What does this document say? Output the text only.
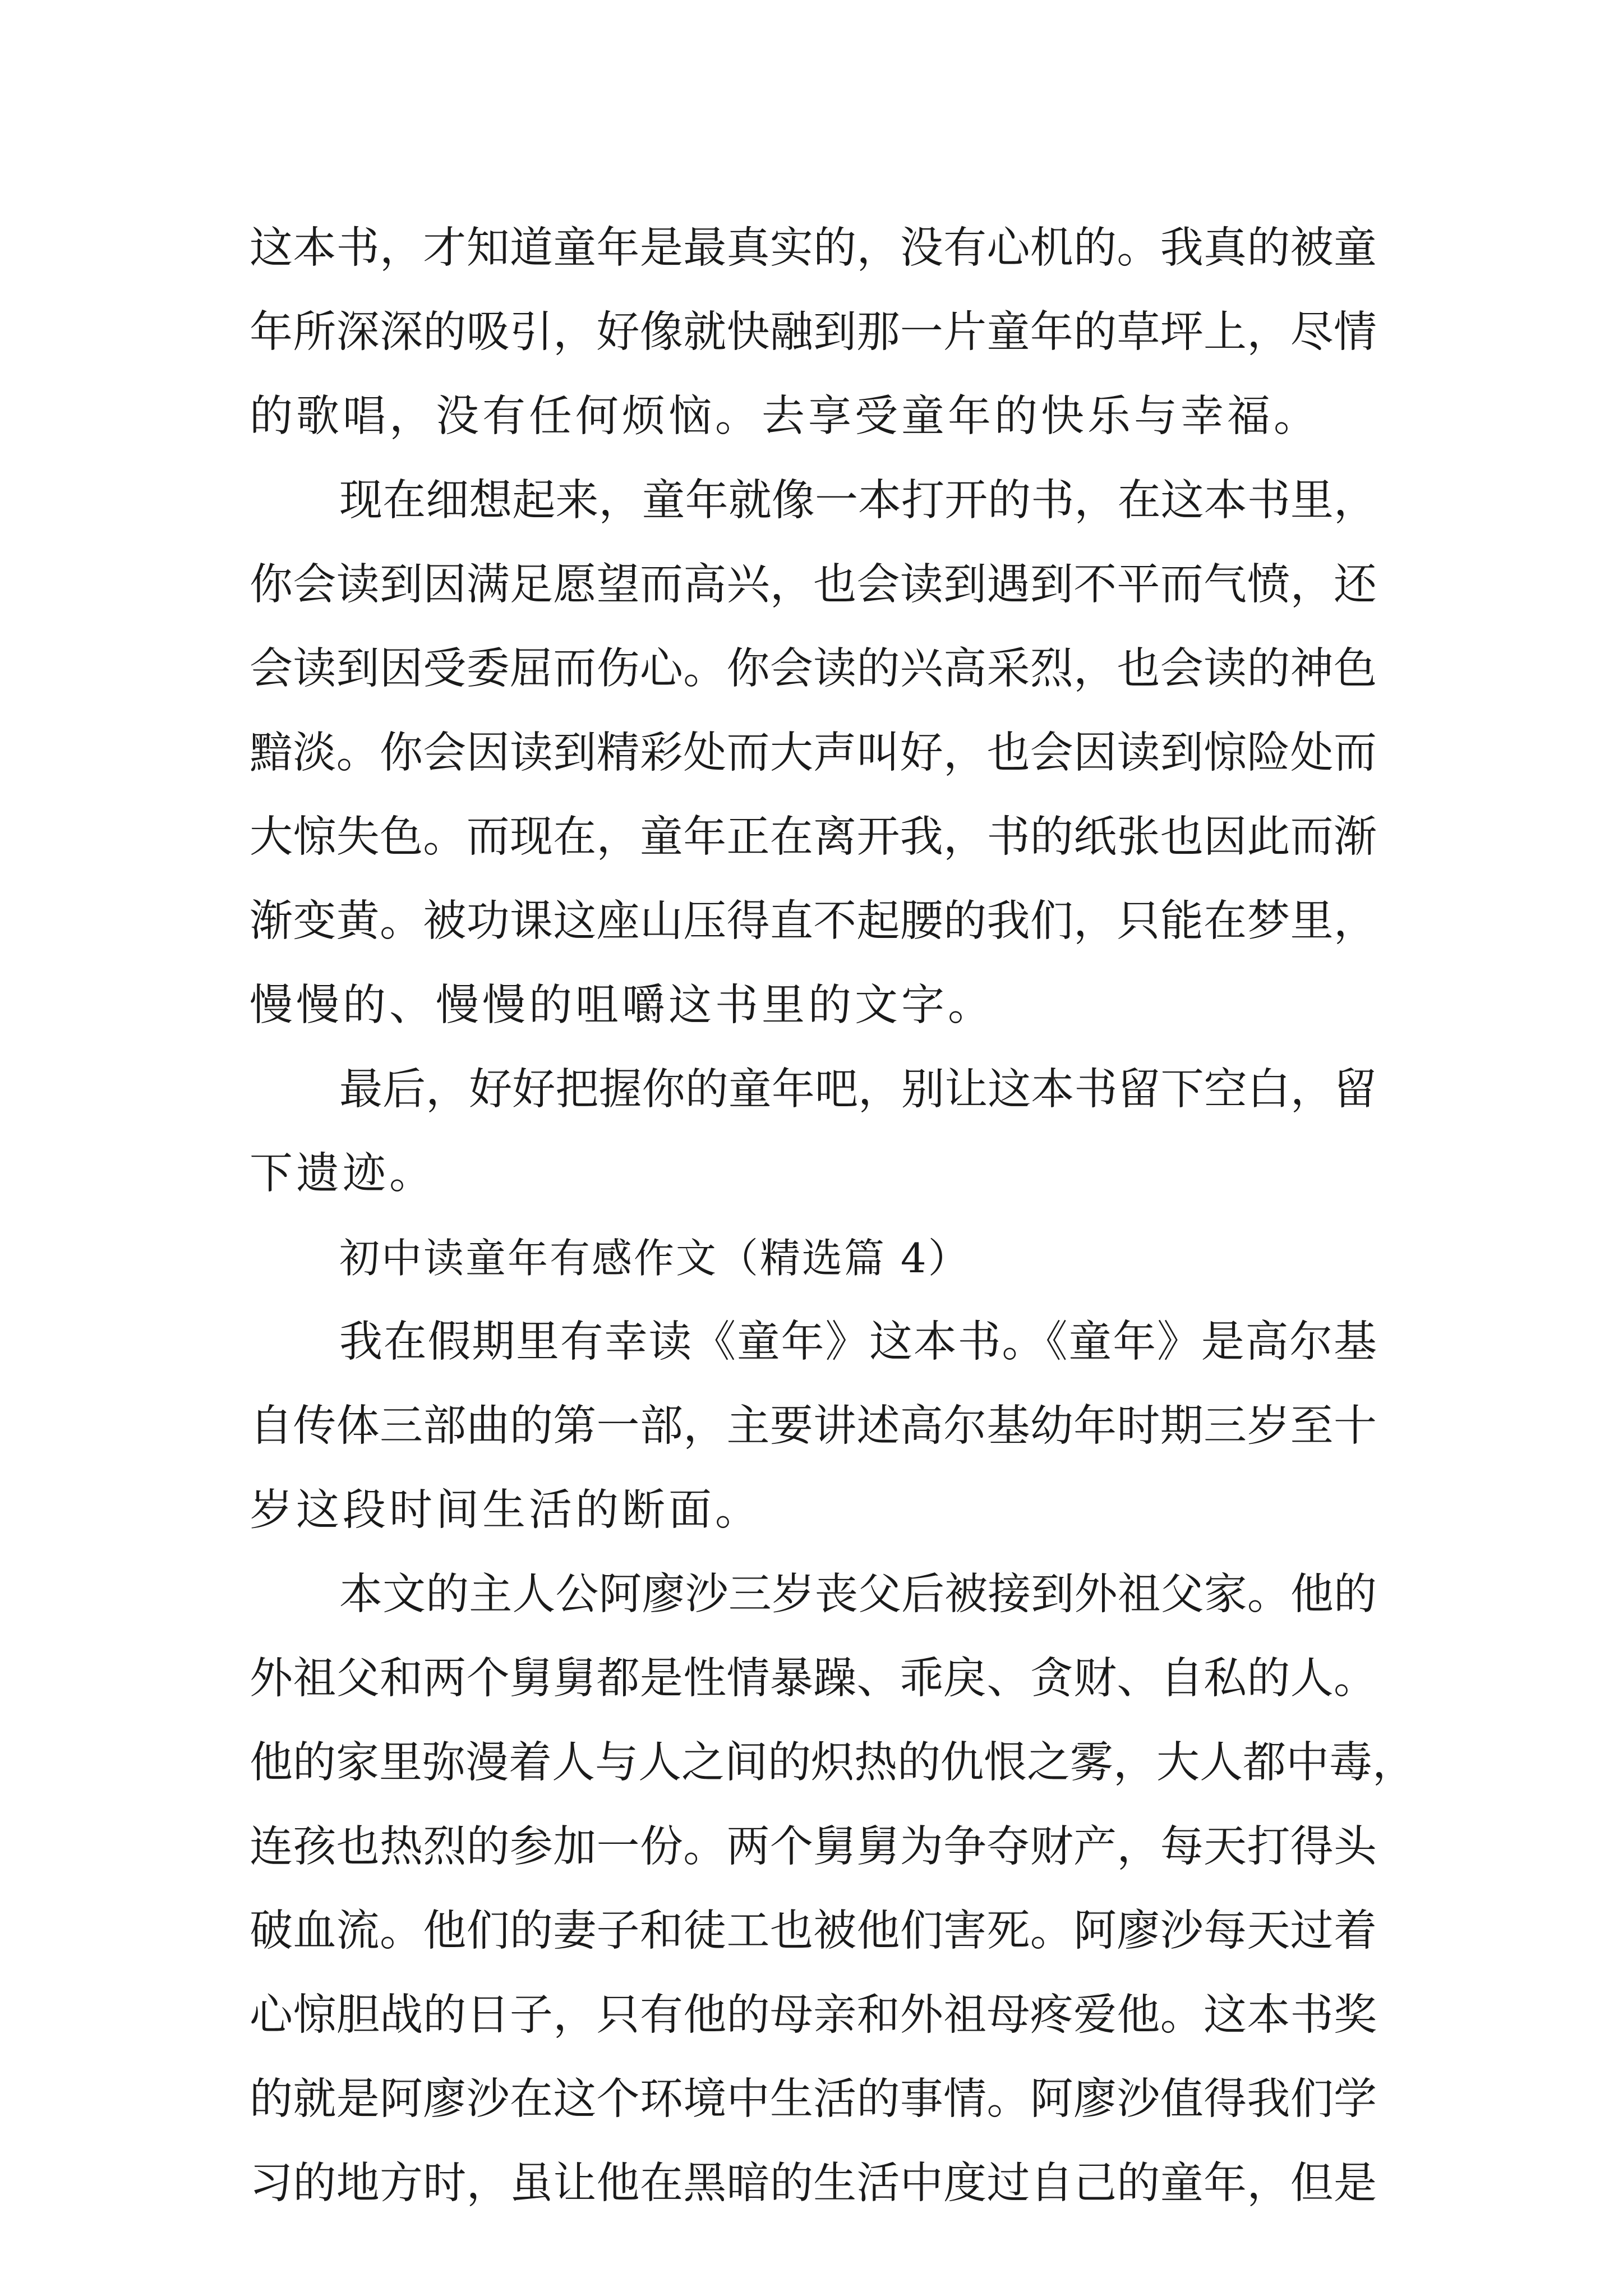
这本书，才知道童年是最真实的，没有心机的。我真的被童
年所深深的吸引，好像就快融到那一片童年的草坪上，尽情
的歌唱，没有任何烦恼。去享受童年的快乐与幸福。
现在细想起来，童年就像一本打开的书，在这本书里，
你会读到因满足愿望而高兴，也会读到遇到不平而气愤，还
会读到因受委屈而伤心。你会读的兴高采烈，也会读的神色
黯淡。你会因读到精彩处而大声叫好，也会因读到惊险处而
大惊失色。而现在，童年正在离开我，书的纸张也因此而渐
渐变黄。被功课这座山压得直不起腰的我们，只能在梦里，
慢慢的、慢慢的咀嚼这书里的文字。
最后，好好把握你的童年吧，别让这本书留下空白，留
下遗迹。
初中读童年有感作文（精选篇 4）
我在假期里有幸读《童年》这本书。《童年》是高尔基
自传体三部曲的第一部，主要讲述高尔基幼年时期三岁至十
岁这段时间生活的断面。
本文的主人公阿廖沙三岁丧父后被接到外祖父家。他的
外祖父和两个舅舅都是性情暴躁、乖戾、贪财、自私的人。
他的家里弥漫着人与人之间的炽热的仇恨之雾，大人都中毒，
连孩也热烈的参加一份。两个舅舅为争夺财产，每天打得头
破血流。他们的妻子和徒工也被他们害死。阿廖沙每天过着
心惊胆战的日子，只有他的母亲和外祖母疼爱他。这本书奖
的就是阿廖沙在这个环境中生活的事情。阿廖沙值得我们学
习的地方时，虽让他在黑暗的生活中度过自己的童年，但是
